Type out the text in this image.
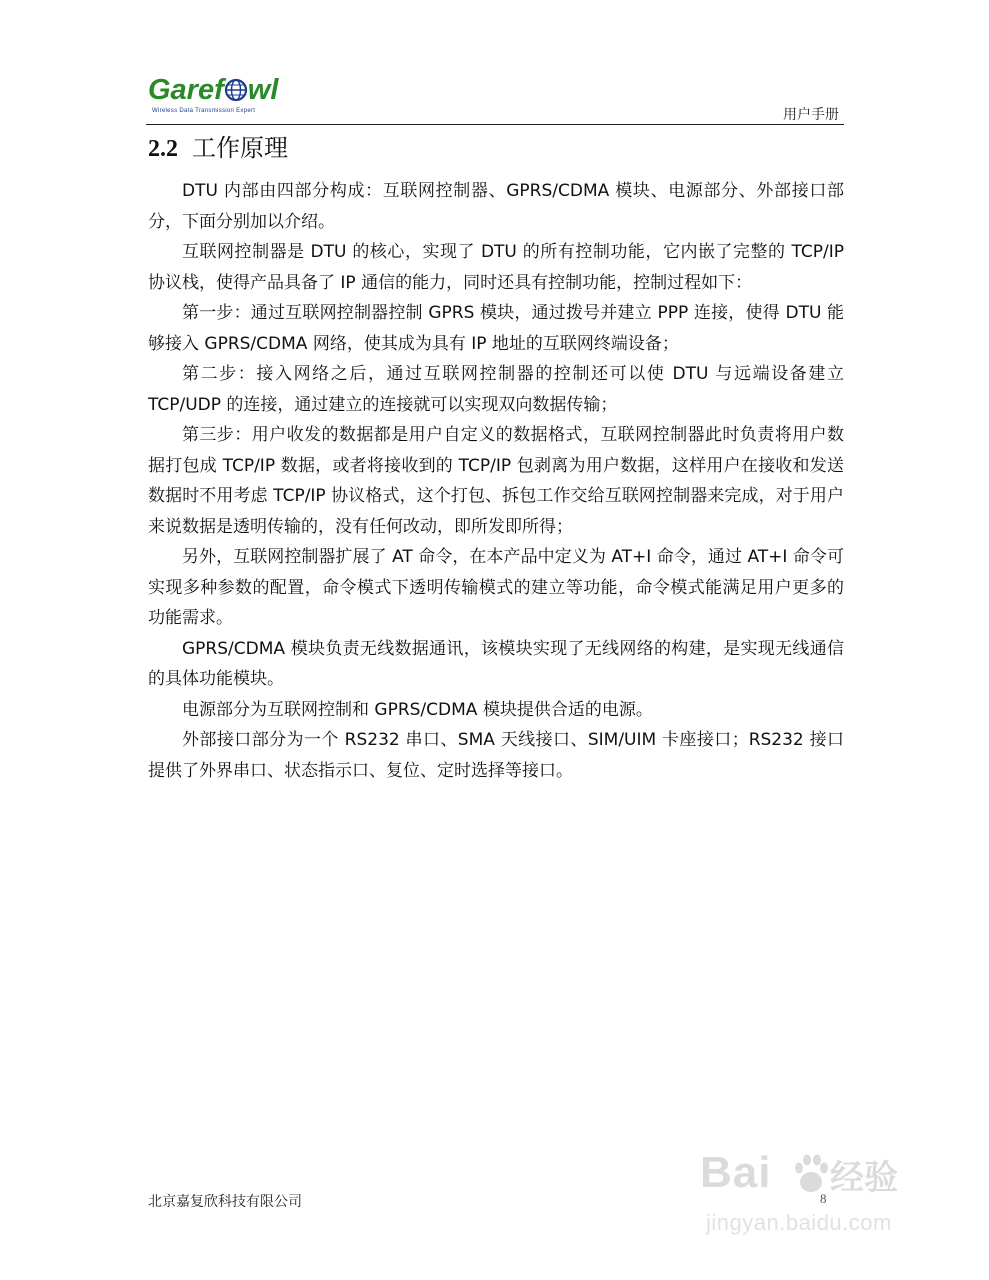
Garef wl
Wireless Data Transmission Expert	用户手册
2.2 工作原理

DTU 内部由四部分构成：互联网控制器、GPRS/CDMA 模块、电源部分、外部接口部分，下面分别加以介绍。

互联网控制器是 DTU 的核心，实现了 DTU 的所有控制功能，它内嵌了完整的 TCP/IP 协议栈，使得产品具备了 IP 通信的能力，同时还具有控制功能，控制过程如下：

第一步：通过互联网控制器控制 GPRS 模块，通过拨号并建立 PPP 连接，使得 DTU 能够接入 GPRS/CDMA 网络，使其成为具有 IP 地址的互联网终端设备；

第二步：接入网络之后，通过互联网控制器的控制还可以使 DTU 与远端设备建立 TCP/UDP 的连接，通过建立的连接就可以实现双向数据传输；

第三步：用户收发的数据都是用户自定义的数据格式，互联网控制器此时负责将用户数据打包成 TCP/IP 数据，或者将接收到的 TCP/IP 包剥离为用户数据，这样用户在接收和发送数据时不用考虑 TCP/IP 协议格式，这个打包、拆包工作交给互联网控制器来完成，对于用户来说数据是透明传输的，没有任何改动，即所发即所得；

另外，互联网控制器扩展了 AT 命令，在本产品中定义为 AT+I 命令，通过 AT+I 命令可实现多种参数的配置，命令模式下透明传输模式的建立等功能，命令模式能满足用户更多的功能需求。

GPRS/CDMA 模块负责无线数据通讯，该模块实现了无线网络的构建，是实现无线通信的具体功能模块。

电源部分为互联网控制和 GPRS/CDMA 模块提供合适的电源。

外部接口部分为一个 RS232 串口、SMA 天线接口、SIM/UIM 卡座接口；RS232 接口提供了外界串口、状态指示口、复位、定时选择等接口。

北京嘉复欣科技有限公司	8
Bai 经验
jingyan.baidu.com
